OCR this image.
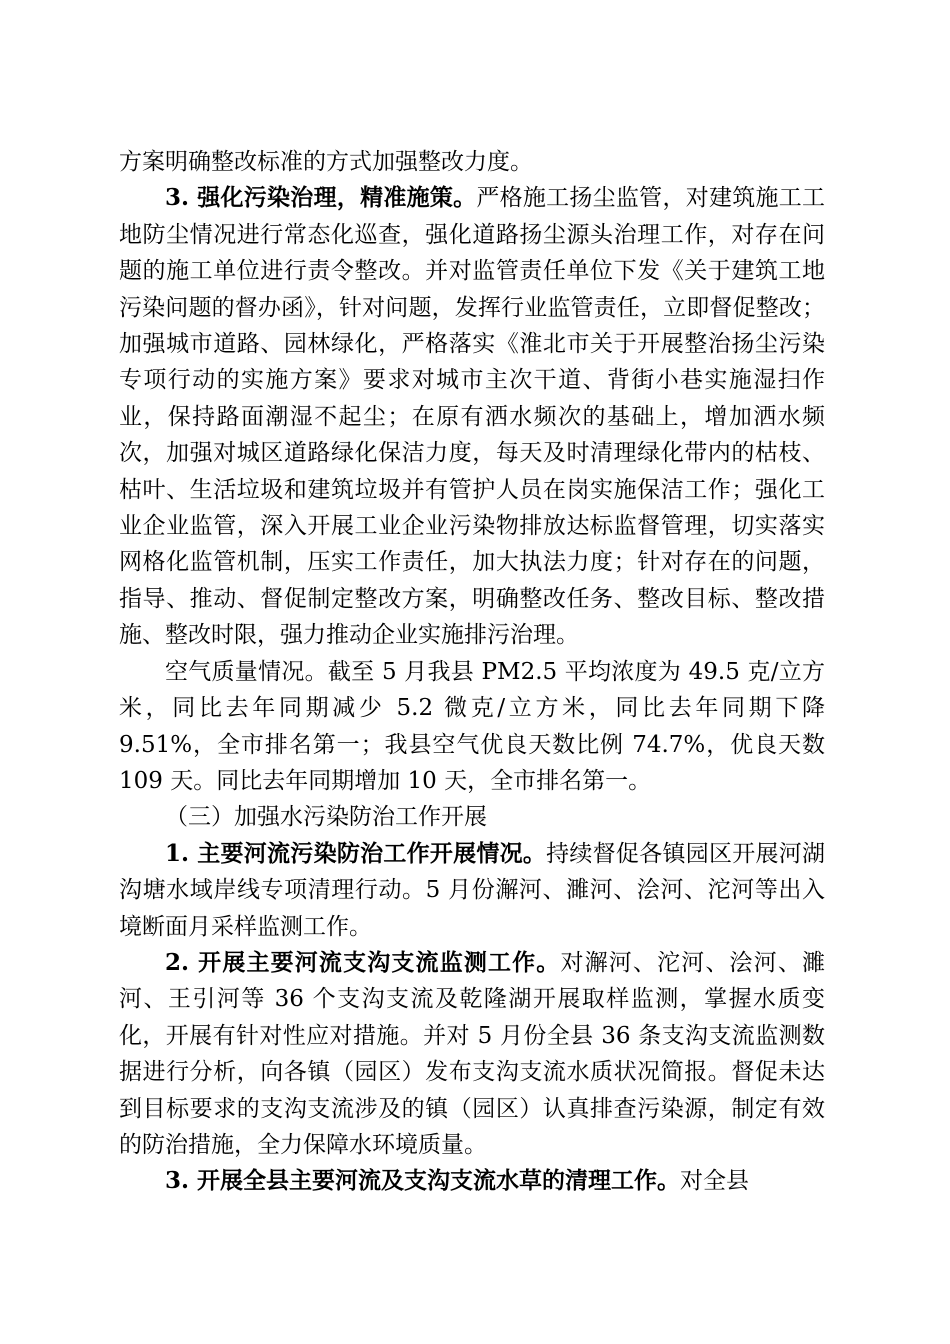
方案明确整改标准的方式加强整改力度。

3. 强化污染治理，精准施策。严格施工扬尘监管，对建筑施工工地防尘情况进行常态化巡查，强化道路扬尘源头治理工作，对存在问题的施工单位进行责令整改。并对监管责任单位下发《关于建筑工地污染问题的督办函》，针对问题，发挥行业监管责任，立即督促整改；加强城市道路、园林绿化，严格落实《淮北市关于开展整治扬尘污染专项行动的实施方案》要求对城市主次干道、背街小巷实施湿扫作业，保持路面潮湿不起尘；在原有洒水频次的基础上，增加洒水频次，加强对城区道路绿化保洁力度，每天及时清理绿化带内的枯枝、枯叶、生活垃圾和建筑垃圾并有管护人员在岗实施保洁工作；强化工业企业监管，深入开展工业企业污染物排放达标监督管理，切实落实网格化监管机制，压实工作责任，加大执法力度；针对存在的问题，指导、推动、督促制定整改方案，明确整改任务、整改目标、整改措施、整改时限，强力推动企业实施排污治理。

空气质量情况。截至 5 月我县 PM2.5 平均浓度为 49.5 克/立方米，同比去年同期减少 5.2 微克/立方米，同比去年同期下降 9.51%，全市排名第一；我县空气优良天数比例 74.7%，优良天数 109 天。同比去年同期增加 10 天，全市排名第一。

（三）加强水污染防治工作开展

1. 主要河流污染防治工作开展情况。持续督促各镇园区开展河湖沟塘水域岸线专项清理行动。5 月份澥河、濉河、浍河、沱河等出入境断面月采样监测工作。

2. 开展主要河流支沟支流监测工作。对澥河、沱河、浍河、濉河、王引河等 36 个支沟支流及乾隆湖开展取样监测，掌握水质变化，开展有针对性应对措施。并对 5 月份全县 36 条支沟支流监测数据进行分析，向各镇（园区）发布支沟支流水质状况简报。督促未达到目标要求的支沟支流涉及的镇（园区）认真排查污染源，制定有效的防治措施，全力保障水环境质量。

3. 开展全县主要河流及支沟支流水草的清理工作。对全县
